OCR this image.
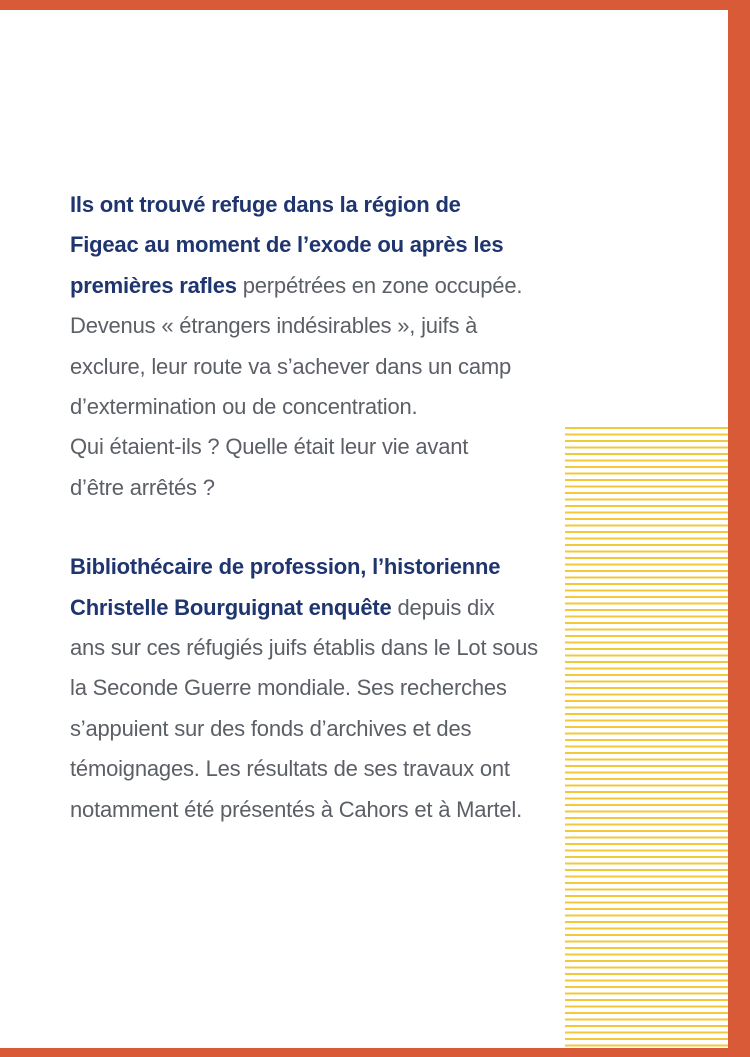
Ils ont trouvé refuge dans la région de
Figeac au moment de l’exode ou après les
premières rafles perpétrées en zone occupée.
Devenus « étrangers indésirables », juifs à
exclure, leur route va s’achever dans un camp
d’extermination ou de concentration.
Qui étaient-ils ? Quelle était leur vie avant
d’être arrêtés ?

Bibliothécaire de profession, l’historienne
Christelle Bourguignat enquête depuis dix
ans sur ces réfugiés juifs établis dans le Lot sous
la Seconde Guerre mondiale. Ses recherches
s’appuient sur des fonds d’archives et des
témoignages. Les résultats de ses travaux ont
notamment été présentés à Cahors et à Martel.
